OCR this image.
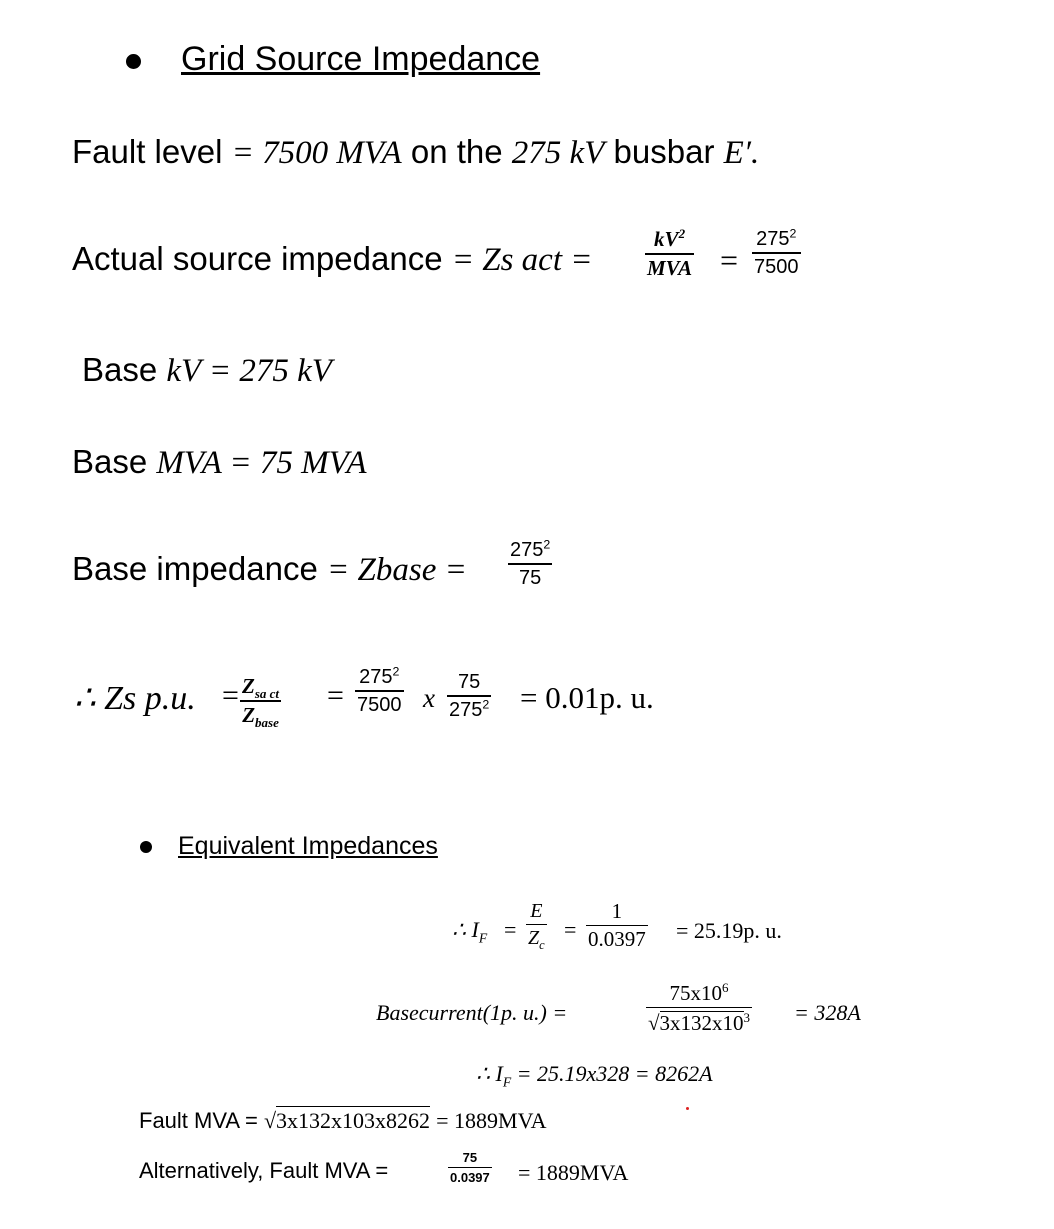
Grid Source Impedance
Fault level = 7500 MVA on the 275 kV busbar E′.
Actual source impedance = Zs act =
$kV^2$
MVA =
$275^2$
7500
Base kV = 275 kV
Base MVA = 75 MVA
Base impedance = Zbase =
$275^2$
75
∴ Zs p.u. = $Z_{sa ct}$
$Z_{base}$
=
$275^2$
7500 x
75
$275^2 = 0.01p$. u.
Equivalent Impedances
∴ $I_F$ =
E
$Z_c$
=
1
0.0397 = 25.19p. u.
Basecurrent(1p. u.) =
$75x10^6$
$√3x132x10^3 = 328A$
∴ $I_F = 25.19x328 = 8262A$
Fault MVA = √3x132x103x8262 = 1889MVA
Alternatively, Fault MVA =
75
0.0397 = 1889MVA
